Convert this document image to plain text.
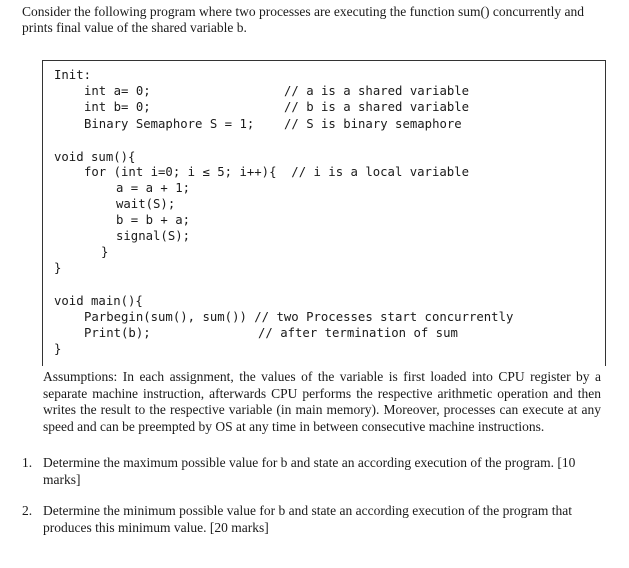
Consider the following program where two processes are executing the function sum() concurrently and prints final value of the shared variable b.
Init:
int a= 0;	// a is a shared variable
int b= 0;	// b is a shared variable
Binary Semaphore S = 1; // S is binary semaphore
void sum(){
for (int i=0; i ≤ 5; i++){  // i is a local variable
a = a + 1;
wait(S);
b = b + a;
signal(S);
}
}
void main(){
Parbegin(sum(), sum()) // two Processes start concurrently
Print(b);	// after termination of sum
}
Assumptions: In each assignment, the values of the variable is first loaded into CPU register by a separate machine instruction, afterwards CPU performs the respective arithmetic operation and then writes the result to the respective variable (in main memory). Moreover, processes can execute at any speed and can be preempted by OS at any time in between consecutive machine instructions.
1. Determine the maximum possible value for b and state an according execution of the program. [10 marks]
2. Determine the minimum possible value for b and state an according execution of the program that produces this minimum value. [20 marks]
